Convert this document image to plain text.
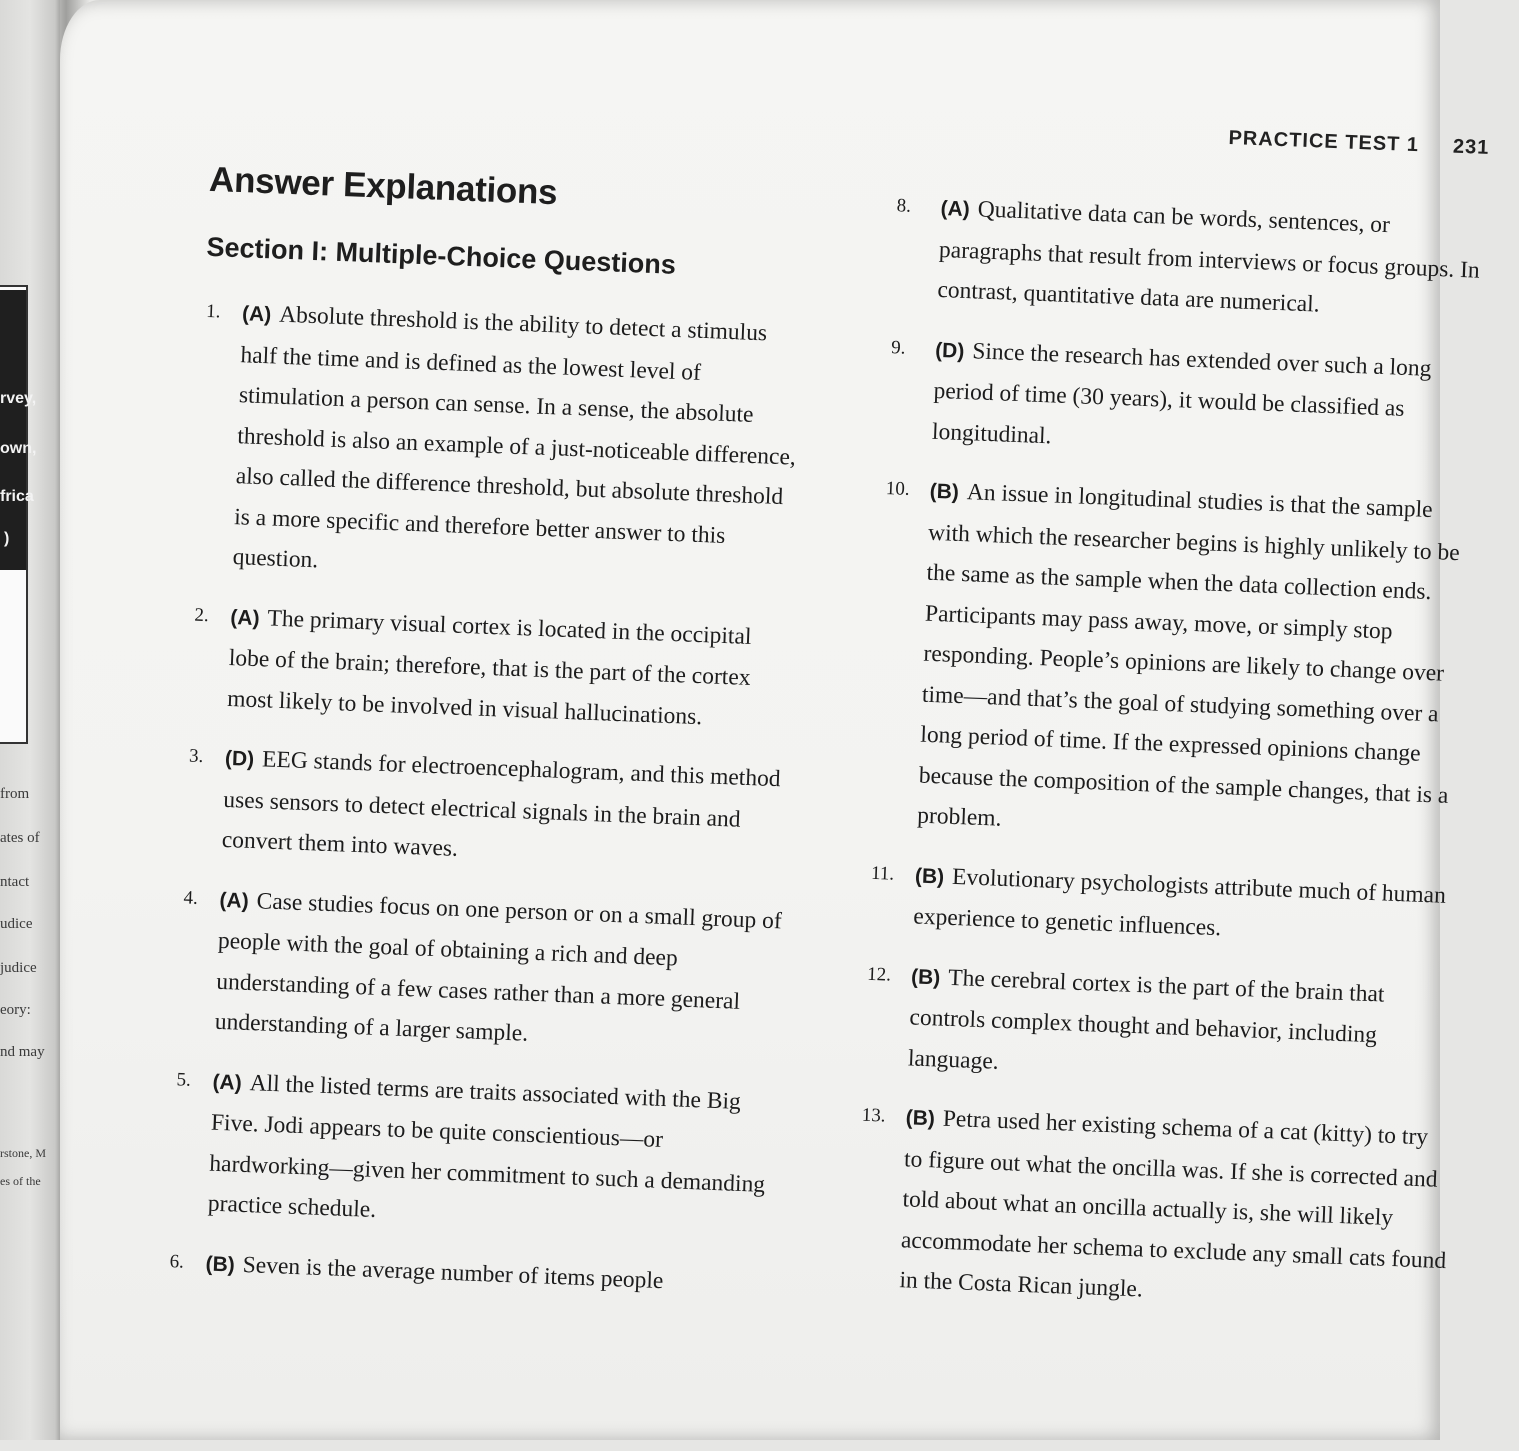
rvey,
own,
frica
)
from
ates of
ntact
udice
judice
eory:
nd may
rstone, M
es of the
PRACTICE TEST 1 231
Answer Explanations
Section I: Multiple-Choice Questions
1. (A) Absolute threshold is the ability to detect a stimulus half the time and is defined as the lowest level of stimulation a person can sense. In a sense, the absolute threshold is also an example of a just-noticeable difference, also called the difference threshold, but absolute threshold is a more specific and therefore better answer to this question.
2. (A) The primary visual cortex is located in the occipital lobe of the brain; therefore, that is the part of the cortex most likely to be involved in visual hallucinations.
3. (D) EEG stands for electroencephalogram, and this method uses sensors to detect electrical signals in the brain and convert them into waves.
4. (A) Case studies focus on one person or on a small group of people with the goal of obtaining a rich and deep understanding of a few cases rather than a more general understanding of a larger sample.
5. (A) All the listed terms are traits associated with the Big Five. Jodi appears to be quite conscientious—or hardworking—given her commitment to such a demanding practice schedule.
6. (B) Seven is the average number of items people
8. (A) Qualitative data can be words, sentences, or paragraphs that result from interviews or focus groups. In contrast, quantitative data are numerical.
9. (D) Since the research has extended over such a long period of time (30 years), it would be classified as longitudinal.
10. (B) An issue in longitudinal studies is that the sample with which the researcher begins is highly unlikely to be the same as the sample when the data collection ends. Participants may pass away, move, or simply stop responding. People’s opinions are likely to change over time—and that’s the goal of studying something over a long period of time. If the expressed opinions change because the composition of the sample changes, that is a problem.
11. (B) Evolutionary psychologists attribute much of human experience to genetic influences.
12. (B) The cerebral cortex is the part of the brain that controls complex thought and behavior, including language.
13. (B) Petra used her existing schema of a cat (kitty) to try to figure out what the oncilla was. If she is corrected and told about what an oncilla actually is, she will likely accommodate her schema to exclude any small cats found in the Costa Rican jungle.
